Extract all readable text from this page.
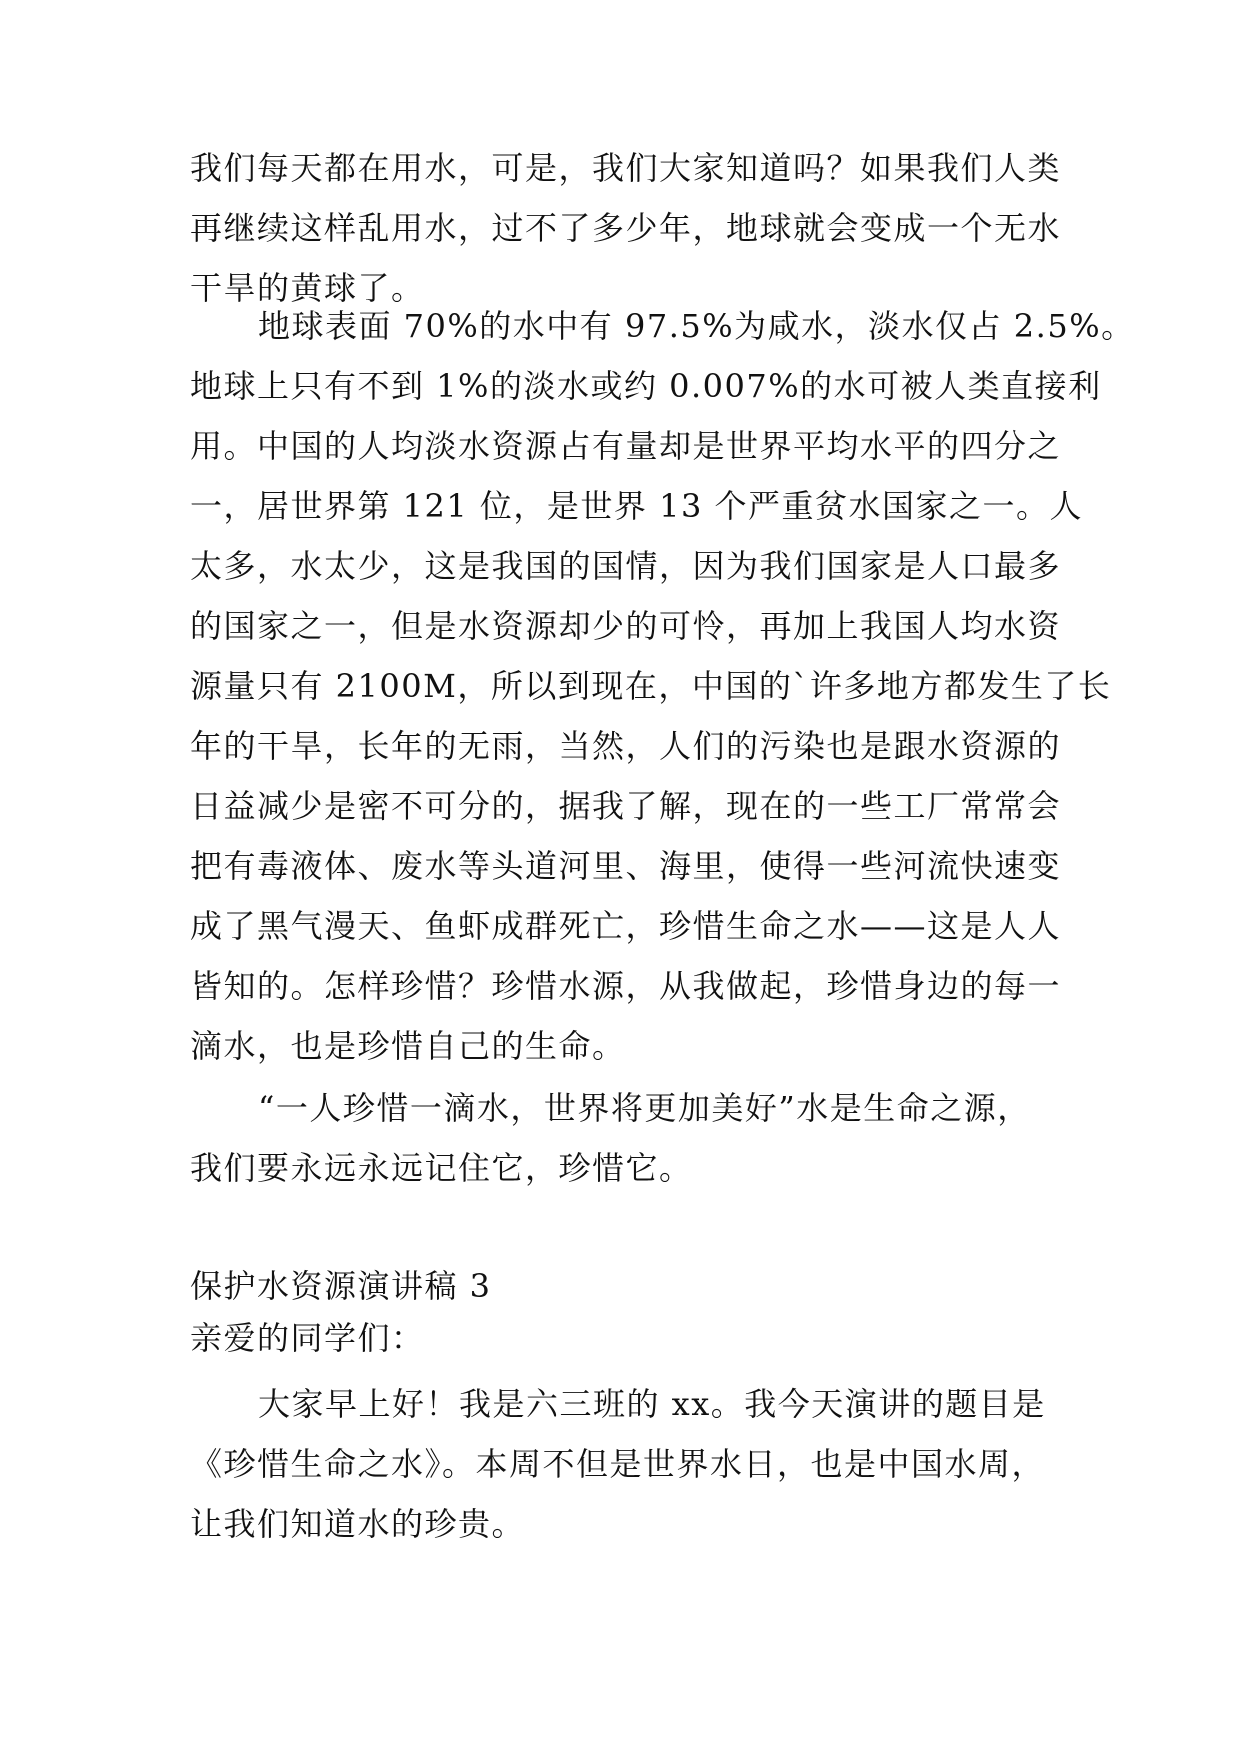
我们每天都在用水，可是，我们大家知道吗？如果我们人类
再继续这样乱用水，过不了多少年，地球就会变成一个无水
干旱的黄球了。
地球表面 70%的水中有 97.5%为咸水，淡水仅占 2.5%。
地球上只有不到 1%的淡水或约 0.007%的水可被人类直接利
用。中国的人均淡水资源占有量却是世界平均水平的四分之
一，居世界第 121 位，是世界 13 个严重贫水国家之一。人
太多，水太少，这是我国的国情，因为我们国家是人口最多
的国家之一，但是水资源却少的可怜，再加上我国人均水资
源量只有 2100M，所以到现在，中国的`许多地方都发生了长
年的干旱，长年的无雨，当然，人们的污染也是跟水资源的
日益减少是密不可分的，据我了解，现在的一些工厂常常会
把有毒液体、废水等头道河里、海里，使得一些河流快速变
成了黑气漫天、鱼虾成群死亡，珍惜生命之水——这是人人
皆知的。怎样珍惜？珍惜水源，从我做起，珍惜身边的每一
滴水，也是珍惜自己的生命。
“一人珍惜一滴水，世界将更加美好”水是生命之源，
我们要永远永远记住它，珍惜它。
保护水资源演讲稿 3
亲爱的同学们：
大家早上好！我是六三班的 xx。我今天演讲的题目是
《珍惜生命之水》。本周不但是世界水日，也是中国水周，
让我们知道水的珍贵。
